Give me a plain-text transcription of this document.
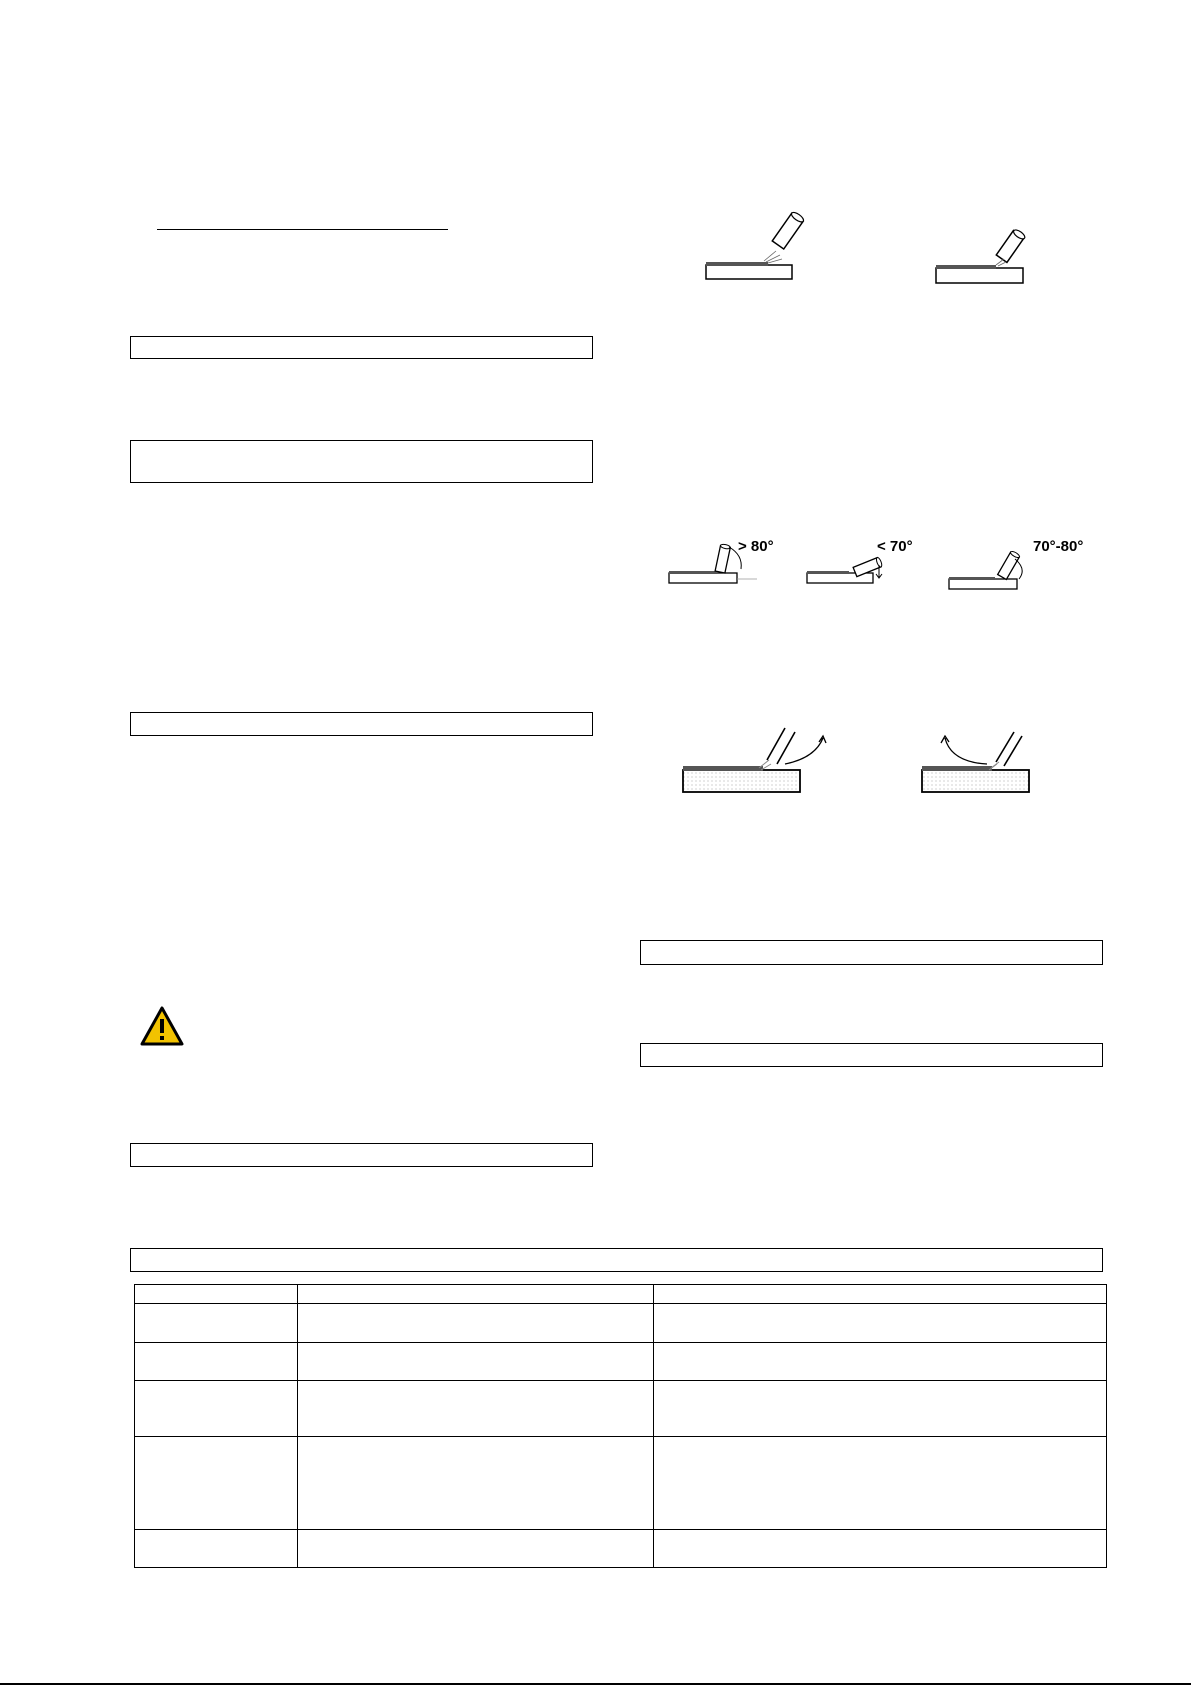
> 80°	< 70°	70°-80°
